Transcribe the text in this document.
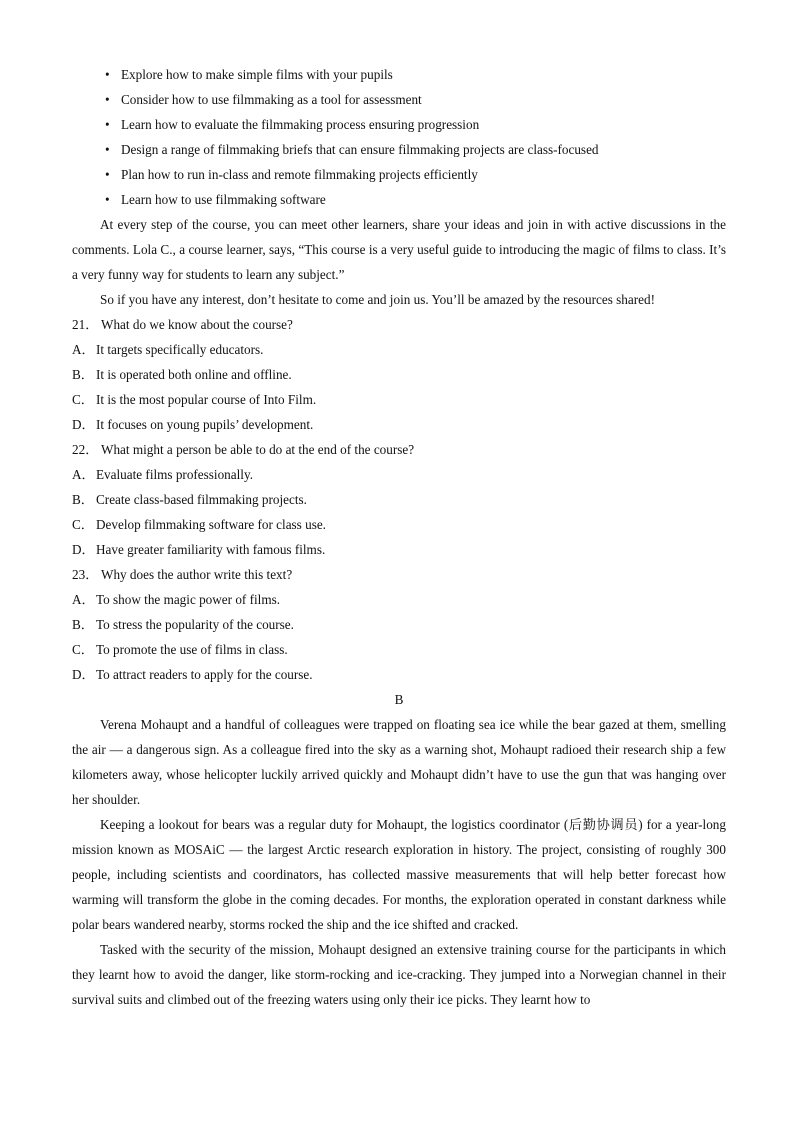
• Explore how to make simple films with your pupils
• Consider how to use filmmaking as a tool for assessment
• Learn how to evaluate the filmmaking process ensuring progression
• Design a range of filmmaking briefs that can ensure filmmaking projects are class-focused
• Plan how to run in-class and remote filmmaking projects efficiently
• Learn how to use filmmaking software

At every step of the course, you can meet other learners, share your ideas and join in with active discussions in the comments. Lola C., a course learner, says, “This course is a very useful guide to introducing the magic of films to class. It’s a very funny way for students to learn any subject.”

So if you have any interest, don’t hesitate to come and join us. You’ll be amazed by the resources shared!

21． What do we know about the course?
A．It targets specifically educators.
B． It is operated both online and offline.
C． It is the most popular course of Into Film.
D．It focuses on young pupils’ development.
22． What might a person be able to do at the end of the course?
A．Evaluate films professionally.
B． Create class-based filmmaking projects.
C． Develop filmmaking software for class use.
D．Have greater familiarity with famous films.
23． Why does the author write this text?
A．To show the magic power of films.
B． To stress the popularity of the course.
C． To promote the use of films in class.
D．To attract readers to apply for the course.
B

Verena Mohaupt and a handful of colleagues were trapped on floating sea ice while the bear gazed at them, smelling the air — a dangerous sign. As a colleague fired into the sky as a warning shot, Mohaupt radioed their research ship a few kilometers away, whose helicopter luckily arrived quickly and Mohaupt didn’t have to use the gun that was hanging over her shoulder.

Keeping a lookout for bears was a regular duty for Mohaupt, the logistics coordinator (后勤协调员) for a year-long mission known as MOSAiC — the largest Arctic research exploration in history. The project, consisting of roughly 300 people, including scientists and coordinators, has collected massive measurements that will help better forecast how warming will transform the globe in the coming decades. For months, the exploration operated in constant darkness while polar bears wandered nearby, storms rocked the ship and the ice shifted and cracked.

Tasked with the security of the mission, Mohaupt designed an extensive training course for the participants in which they learnt how to avoid the danger, like storm-rocking and ice-cracking. They jumped into a Norwegian channel in their survival suits and climbed out of the freezing waters using only their ice picks. They learnt how to
